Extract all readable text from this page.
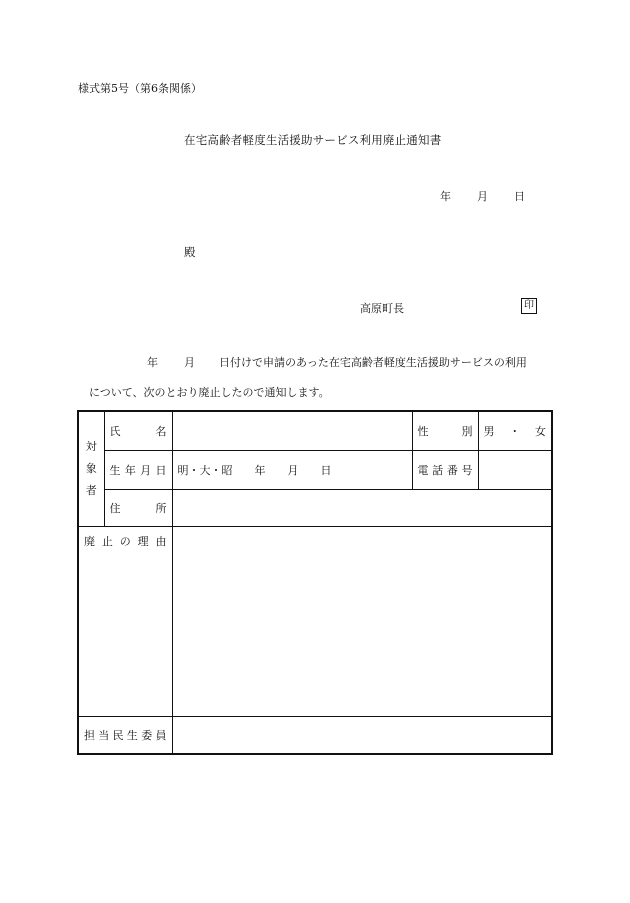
様式第5号（第6条関係）
在宅高齢者軽度生活援助サービス利用廃止通知書
年 月 日
殿
高原町長	印
年 月 日付けで申請のあった在宅高齢者軽度生活援助サービスの利用
について、次のとおり廃止したので通知します。
対象者	氏　　名		性　　別	男　・　女

	生年月日	明・大・昭　　年　　月　　日	電話番号	

	住　　所			

廃止の理由				

担当民生委員				
